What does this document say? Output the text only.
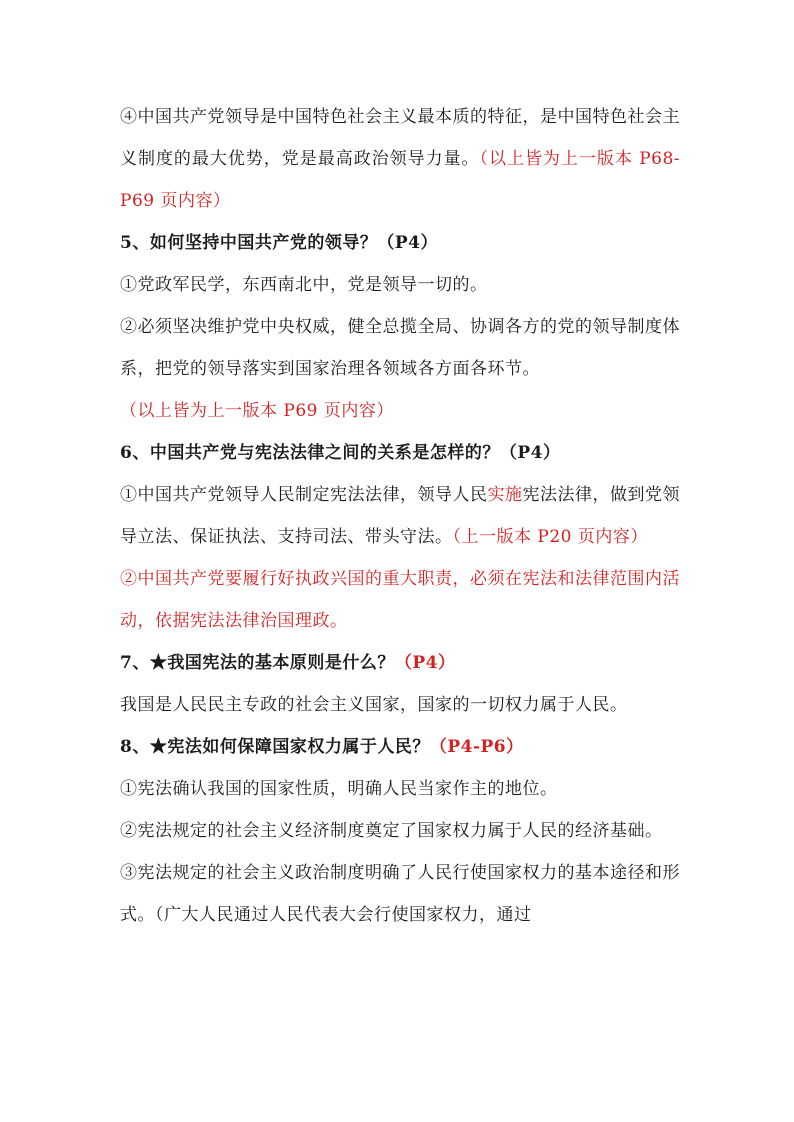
④中国共产党领导是中国特色社会主义最本质的特征，是中国特色社会主义制度的最大优势，党是最高政治领导力量。（以上皆为上一版本 P68-P69 页内容）

5、如何坚持中国共产党的领导？（P4）

①党政军民学，东西南北中，党是领导一切的。

②必须坚决维护党中央权威，健全总揽全局、协调各方的党的领导制度体系，把党的领导落实到国家治理各领域各方面各环节。

（以上皆为上一版本 P69 页内容）

6、中国共产党与宪法法律之间的关系是怎样的？（P4）

①中国共产党领导人民制定宪法法律，领导人民实施宪法法律，做到党领导立法、保证执法、支持司法、带头守法。（上一版本 P20 页内容）

②中国共产党要履行好执政兴国的重大职责，必须在宪法和法律范围内活动，依据宪法法律治国理政。

7、★我国宪法的基本原则是什么？（P4）

我国是人民民主专政的社会主义国家，国家的一切权力属于人民。

8、★宪法如何保障国家权力属于人民？（P4-P6）

①宪法确认我国的国家性质，明确人民当家作主的地位。

②宪法规定的社会主义经济制度奠定了国家权力属于人民的经济基础。

③宪法规定的社会主义政治制度明确了人民行使国家权力的基本途径和形式。（广大人民通过人民代表大会行使国家权力，通过
